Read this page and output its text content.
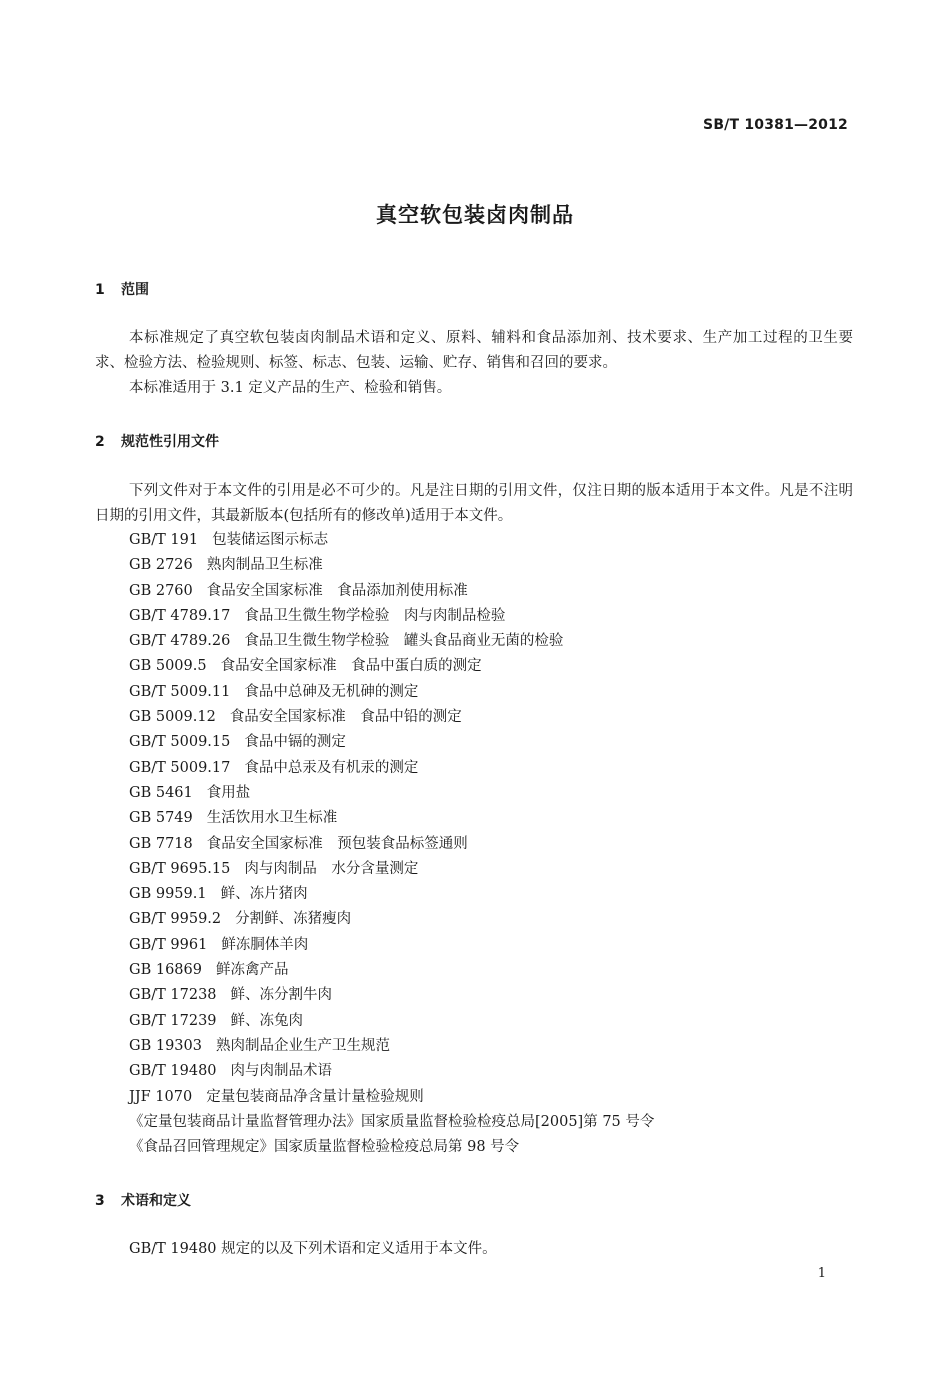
SB/T 10381—2012
真空软包装卤肉制品
1 范围

本标准规定了真空软包装卤肉制品术语和定义、原料、辅料和食品添加剂、技术要求、生产加工过程的卫生要求、检验方法、检验规则、标签、标志、包装、运输、贮存、销售和召回的要求。

本标准适用于 3.1 定义产品的生产、检验和销售。

2 规范性引用文件

下列文件对于本文件的引用是必不可少的。凡是注日期的引用文件，仅注日期的版本适用于本文件。凡是不注明日期的引用文件，其最新版本(包括所有的修改单)适用于本文件。

GB/T 191 包装储运图示标志
GB 2726 熟肉制品卫生标准
GB 2760 食品安全国家标准　食品添加剂使用标准
GB/T 4789.17 食品卫生微生物学检验　肉与肉制品检验
GB/T 4789.26 食品卫生微生物学检验　罐头食品商业无菌的检验
GB 5009.5 食品安全国家标准　食品中蛋白质的测定
GB/T 5009.11 食品中总砷及无机砷的测定
GB 5009.12 食品安全国家标准　食品中铅的测定
GB/T 5009.15 食品中镉的测定
GB/T 5009.17 食品中总汞及有机汞的测定
GB 5461 食用盐
GB 5749 生活饮用水卫生标准
GB 7718 食品安全国家标准　预包装食品标签通则
GB/T 9695.15 肉与肉制品　水分含量测定
GB 9959.1 鲜、冻片猪肉
GB/T 9959.2 分割鲜、冻猪瘦肉
GB/T 9961 鲜冻胴体羊肉
GB 16869 鲜冻禽产品
GB/T 17238 鲜、冻分割牛肉
GB/T 17239 鲜、冻兔肉
GB 19303 熟肉制品企业生产卫生规范
GB/T 19480 肉与肉制品术语
JJF 1070 定量包装商品净含量计量检验规则
《定量包装商品计量监督管理办法》国家质量监督检验检疫总局[2005]第 75 号令
《食品召回管理规定》国家质量监督检验检疫总局第 98 号令
3 术语和定义

GB/T 19480 规定的以及下列术语和定义适用于本文件。

1
